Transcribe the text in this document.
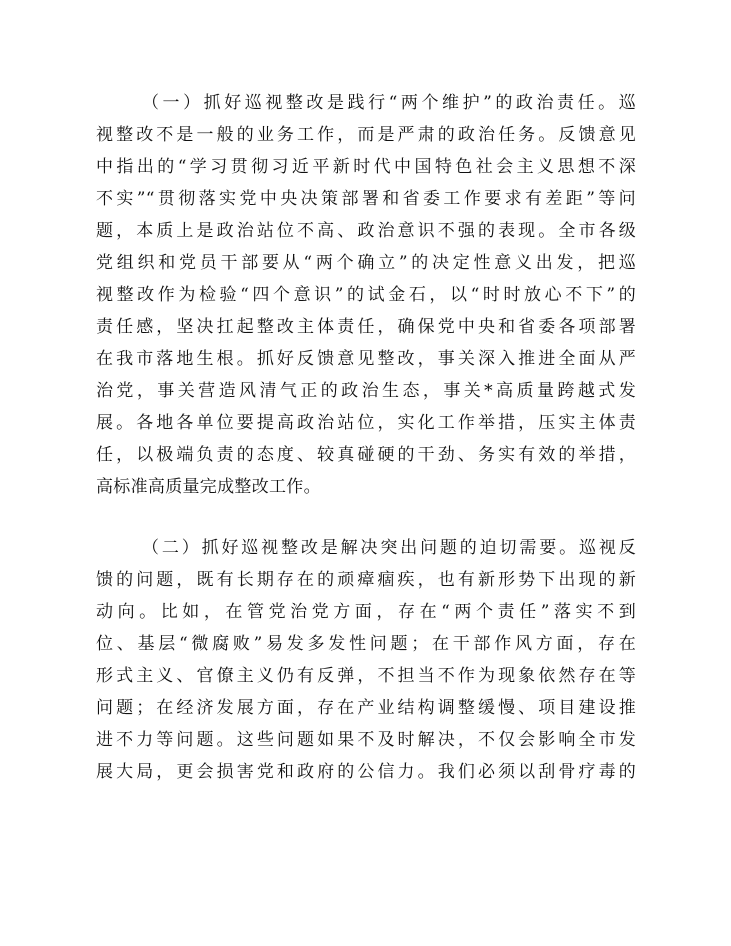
（一）抓好巡视整改是践行“两个维护”的政治责任。巡
视整改不是一般的业务工作，而是严肃的政治任务。反馈意见
中指出的“学习贯彻习近平新时代中国特色社会主义思想不深
不实”“贯彻落实党中央决策部署和省委工作要求有差距”等问
题，本质上是政治站位不高、政治意识不强的表现。全市各级
党组织和党员干部要从“两个确立”的决定性意义出发，把巡
视整改作为检验“四个意识”的试金石，以“时时放心不下”的
责任感，坚决扛起整改主体责任，确保党中央和省委各项部署
在我市落地生根。抓好反馈意见整改，事关深入推进全面从严
治党，事关营造风清气正的政治生态，事关*高质量跨越式发
展。各地各单位要提高政治站位，实化工作举措，压实主体责
任，以极端负责的态度、较真碰硬的干劲、务实有效的举措，
高标准高质量完成整改工作。
（二）抓好巡视整改是解决突出问题的迫切需要。巡视反
馈的问题，既有长期存在的顽瘴痼疾，也有新形势下出现的新
动向。比如，在管党治党方面，存在“两个责任”落实不到
位、基层“微腐败”易发多发性问题；在干部作风方面，存在
形式主义、官僚主义仍有反弹，不担当不作为现象依然存在等
问题；在经济发展方面，存在产业结构调整缓慢、项目建设推
进不力等问题。这些问题如果不及时解决，不仅会影响全市发
展大局，更会损害党和政府的公信力。我们必须以刮骨疗毒的
